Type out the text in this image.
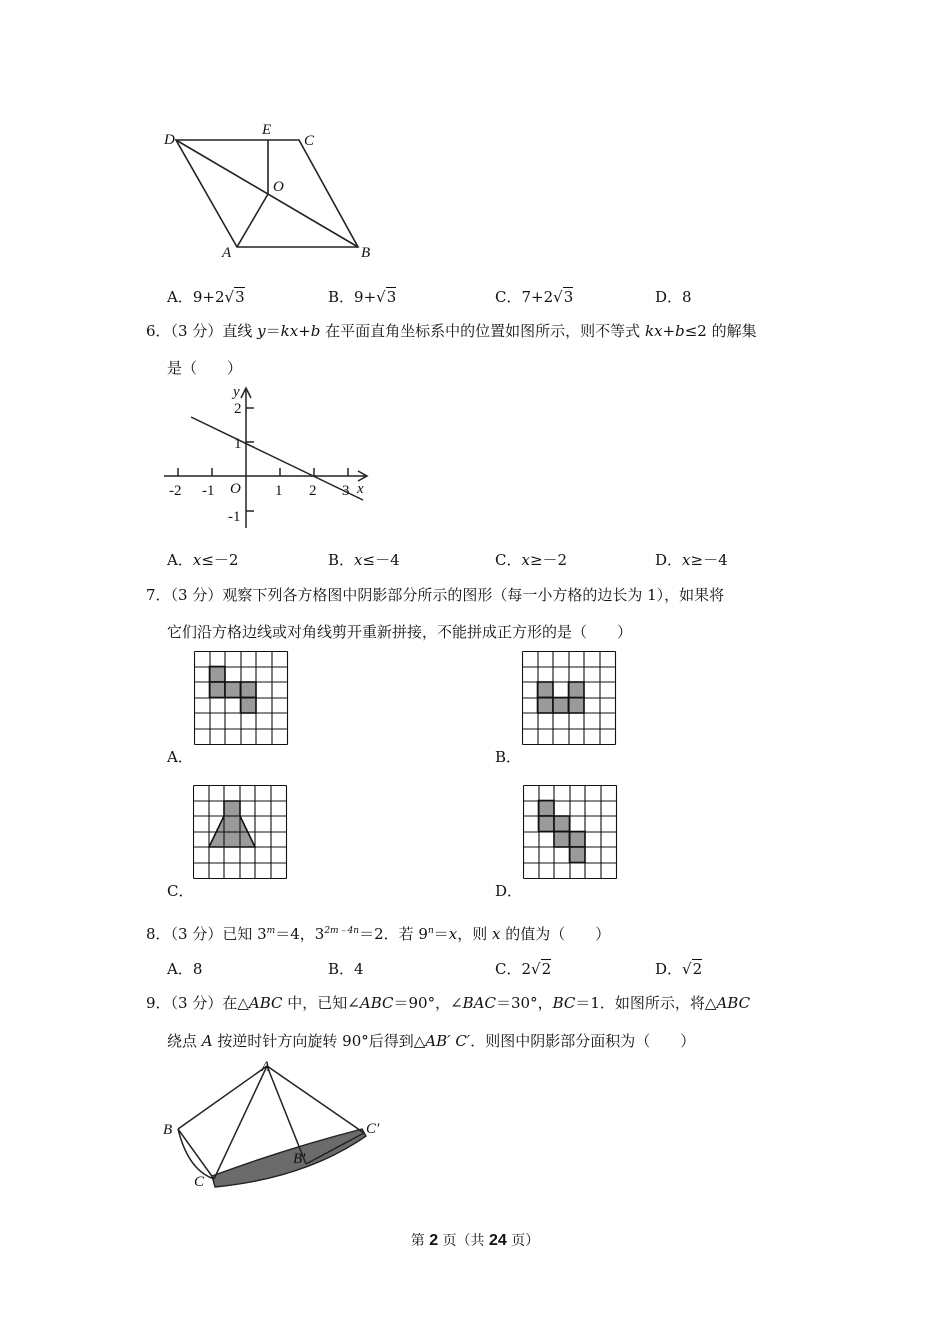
D
E
C
O
A	B
A．9+2√3	B．9+√3	C．7+2√3	D．8
6．（3 分）直线 y＝kx+b 在平面直角坐标系中的位置如图所示，则不等式 kx+b≤2 的解集
是（　　）
y
x
O
-2 -1	1 2 3
2
1
-1
A．x≤－2	B．x≤－4	C．x≥－2	D．x≥－4
7．（3 分）观察下列各方格图中阴影部分所示的图形（每一小方格的边长为 1），如果将
它们沿方格边线或对角线剪开重新拼接，不能拼成正方形的是（　　）
A．	B．
C．	D．
8．（3 分）已知 $3^m=4$，$3^{2m﹣4n}=2$．若 $9^n=x$，则 x 的值为（　　）
A．8	B．4	C．2√2	D．√2
9．（3 分）在△ABC 中，已知∠ABC＝90°，∠BAC＝30°，BC＝1．如图所示，将△ABC
绕点 A 按逆时针方向旋转 90°后得到△AB′ C′．则图中阴影部分面积为（　　）
A
B
C
B′
C′
第 2 页（共 24 页）
